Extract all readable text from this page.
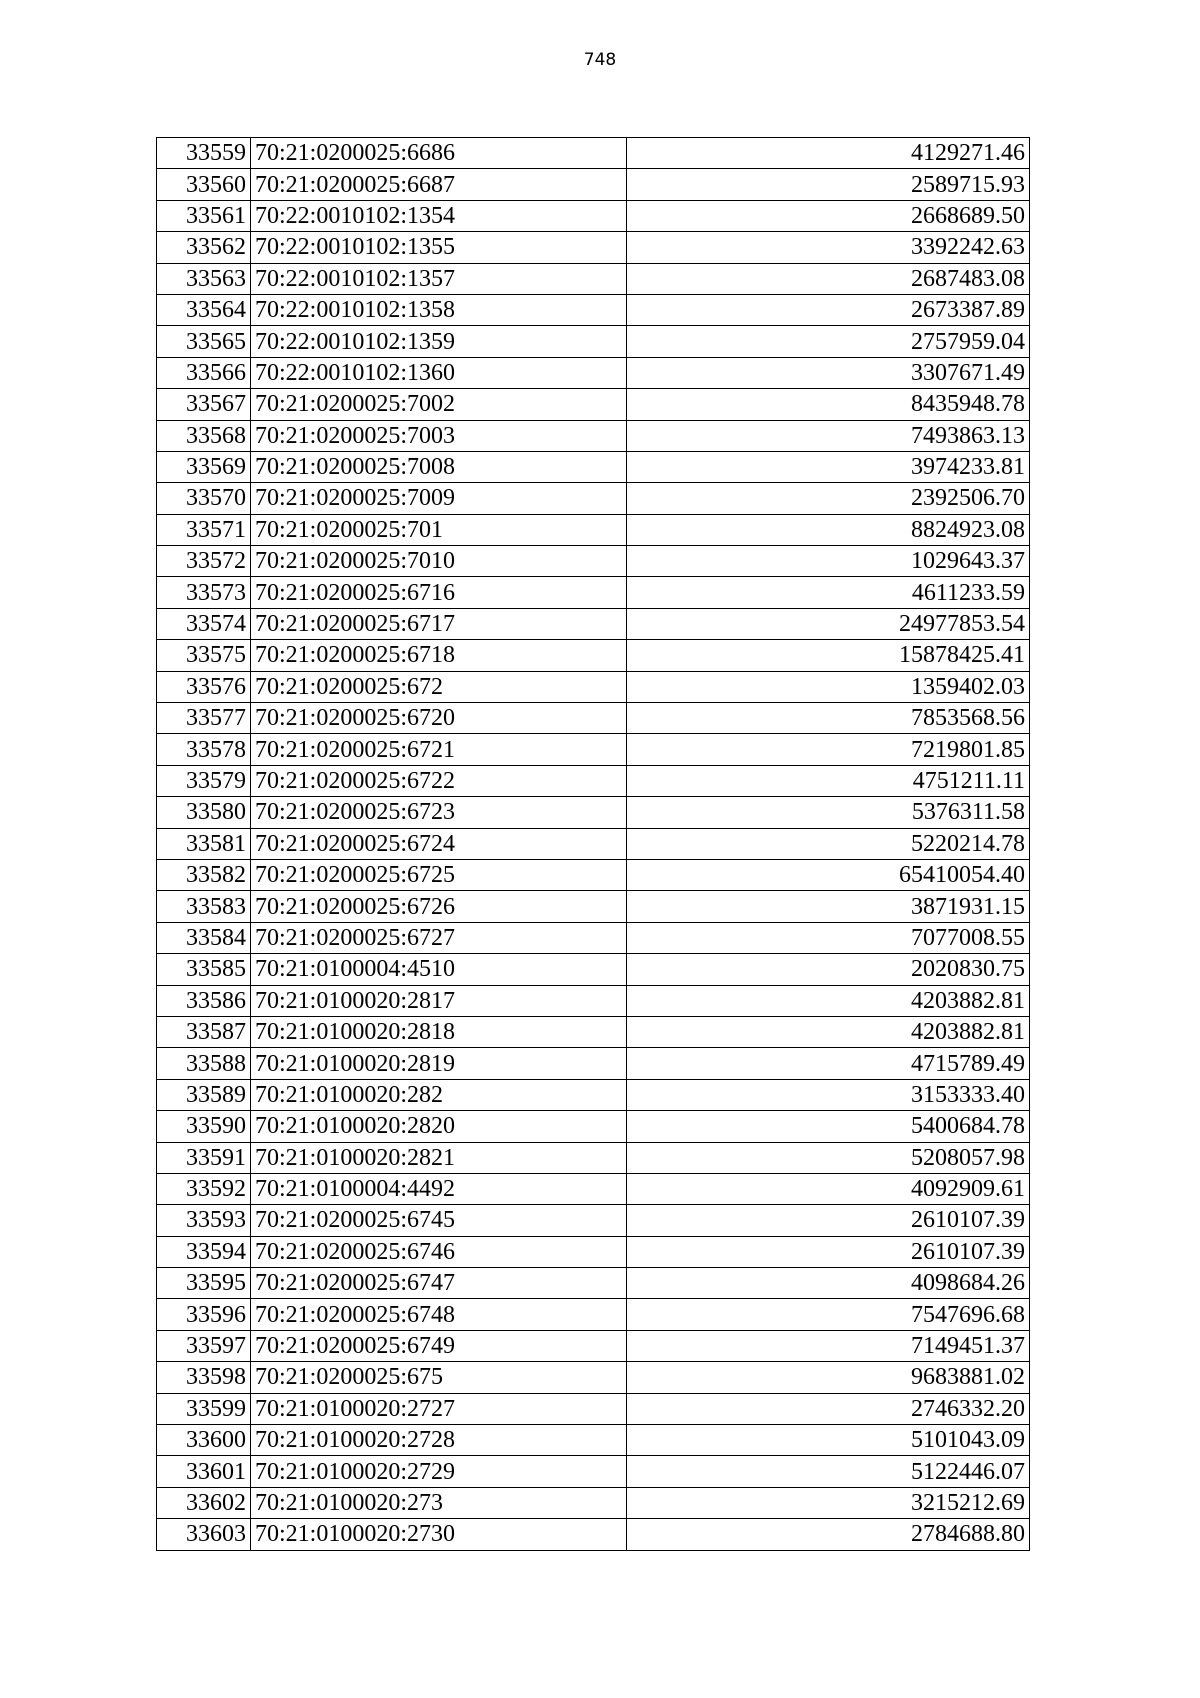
748
33559	70:21:0200025:6686	4129271.46
33560	70:21:0200025:6687	2589715.93
33561	70:22:0010102:1354	2668689.50
33562	70:22:0010102:1355	3392242.63
33563	70:22:0010102:1357	2687483.08
33564	70:22:0010102:1358	2673387.89
33565	70:22:0010102:1359	2757959.04
33566	70:22:0010102:1360	3307671.49
33567	70:21:0200025:7002	8435948.78
33568	70:21:0200025:7003	7493863.13
33569	70:21:0200025:7008	3974233.81
33570	70:21:0200025:7009	2392506.70
33571	70:21:0200025:701	8824923.08
33572	70:21:0200025:7010	1029643.37
33573	70:21:0200025:6716	4611233.59
33574	70:21:0200025:6717	24977853.54
33575	70:21:0200025:6718	15878425.41
33576	70:21:0200025:672	1359402.03
33577	70:21:0200025:6720	7853568.56
33578	70:21:0200025:6721	7219801.85
33579	70:21:0200025:6722	4751211.11
33580	70:21:0200025:6723	5376311.58
33581	70:21:0200025:6724	5220214.78
33582	70:21:0200025:6725	65410054.40
33583	70:21:0200025:6726	3871931.15
33584	70:21:0200025:6727	7077008.55
33585	70:21:0100004:4510	2020830.75
33586	70:21:0100020:2817	4203882.81
33587	70:21:0100020:2818	4203882.81
33588	70:21:0100020:2819	4715789.49
33589	70:21:0100020:282	3153333.40
33590	70:21:0100020:2820	5400684.78
33591	70:21:0100020:2821	5208057.98
33592	70:21:0100004:4492	4092909.61
33593	70:21:0200025:6745	2610107.39
33594	70:21:0200025:6746	2610107.39
33595	70:21:0200025:6747	4098684.26
33596	70:21:0200025:6748	7547696.68
33597	70:21:0200025:6749	7149451.37
33598	70:21:0200025:675	9683881.02
33599	70:21:0100020:2727	2746332.20
33600	70:21:0100020:2728	5101043.09
33601	70:21:0100020:2729	5122446.07
33602	70:21:0100020:273	3215212.69
33603	70:21:0100020:2730	2784688.80
